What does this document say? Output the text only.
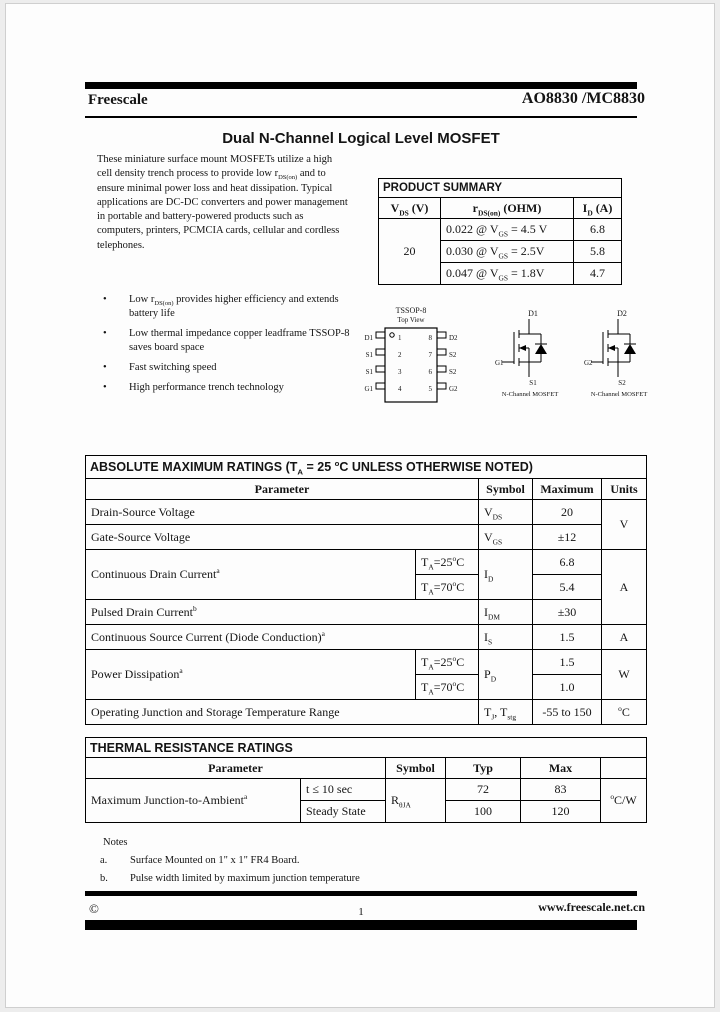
Freescale	AO8830 /MC8830
Dual N-Channel Logical Level MOSFET
These miniature surface mount MOSFETs utilize a high cell density trench process to provide low $r_{DS(on)}$ and to ensure minimal power loss and heat dissipation. Typical applications are DC-DC converters and power management in portable and battery-powered products such as computers, printers, PCMCIA cards, cellular and cordless telephones.
PRODUCT SUMMARY		
$V_{DS}$ (V)	$r_{DS(on)}$ (OHM)	$I_D$ (A)
20	0.022 @ $V_{GS} = 4.5$ V	6.8
	0.030 @ $V_{GS} = 2.5V$	5.8
	0.047 @ $V_{GS} = 1.8V$	4.7
•	Low $r_{DS(on)}$ provides higher efficiency and extends battery life
•	Low thermal impedance copper leadframe TSSOP-8 saves board space
•	Fast switching speed
•	High performance trench technology
TSSOP-8
Top View
1
2
3
4
8
7
6
5
D1
S1
S1
G1
D2
S2
S2
G2
D1
G1
S1
N-Channel MOSFET
D2
G2
S2
N-Channel MOSFET
ABSOLUTE MAXIMUM RATINGS ($T_A = 25$ $^o$C UNLESS OTHERWISE NOTED)				
Parameter		Symbol	Maximum	Units
Drain-Source Voltage		$V_{DS}$	20	V
Gate-Source Voltage		$V_{GS}$	±12	
Continuous Drain Current$^a$	$T_A=25^oC$	$I_D$	6.8	A
	$T_A=70^oC$		5.4	
Pulsed Drain Current$^b$		$I_{DM}$	±30	
Continuous Source Current (Diode Conduction)$^a$		$I_S$	1.5	A
Power Dissipation$^a$	$T_A=25^oC$	$P_D$	1.5	W
	$T_A=70^oC$		1.0	
Operating Junction and Storage Temperature Range		$T_J$, $T_{stg}$	-55 to 150	$^o$C
THERMAL RESISTANCE RATINGS					
Parameter		Symbol	Typ	Max	
Maximum Junction-to-Ambient$^a$	t ≤ 10 sec	$R_{\theta JA}$	72	83	$^o$C/W
	Steady State		100	120	
Notes
a.	Surface Mounted on 1" x 1" FR4 Board.
b.	Pulse width limited by maximum junction temperature
©	1	www.freescale.net.cn
